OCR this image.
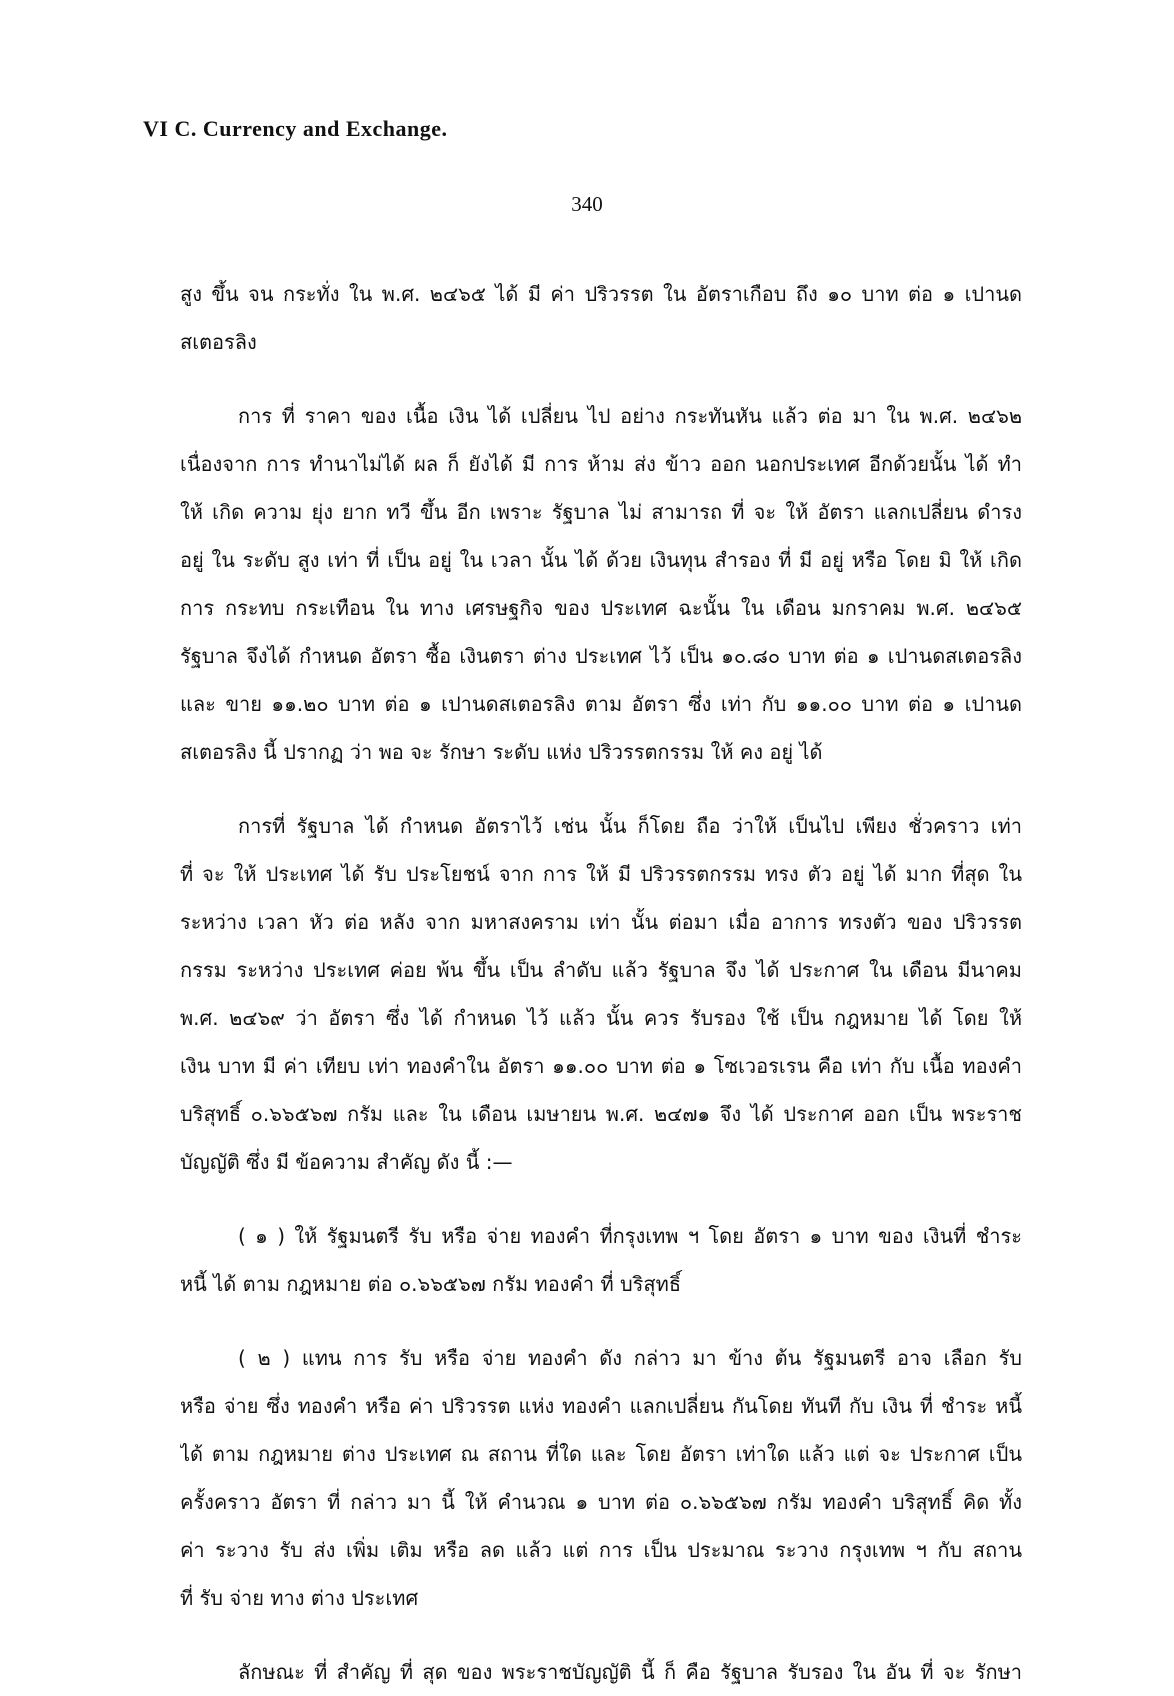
VI C. Currency and Exchange.
340
สูง ขึ้น จน กระทั่ง ใน พ.ศ. ๒๔๖๕ ได้ มี ค่า ปริวรรต ใน อัตราเกือบ ถึง ๑๐ บาท ต่อ ๑ เปานด
สเตอรลิง
การ ที่ ราคา ของ เนื้อ เงิน ได้ เปลี่ยน ไป อย่าง กระทันหัน แล้ว ต่อ มา ใน พ.ศ. ๒๔๖๒
เนื่องจาก การ ทำนาไม่ได้ ผล ก็ ยังได้ มี การ ห้าม ส่ง ข้าว ออก นอกประเทศ อีกด้วยนั้น ได้ ทำ
ให้ เกิด ความ ยุ่ง ยาก ทวี ขึ้น อีก เพราะ รัฐบาล ไม่ สามารถ ที่ จะ ให้ อัตรา แลกเปลี่ยน ดำรง
อยู่ ใน ระดับ สูง เท่า ที่ เป็น อยู่ ใน เวลา นั้น ได้ ด้วย เงินทุน สำรอง ที่ มี อยู่ หรือ โดย มิ ให้ เกิด
การ กระทบ กระเทือน ใน ทาง เศรษฐกิจ ของ ประเทศ ฉะนั้น ใน เดือน มกราคม พ.ศ. ๒๔๖๕
รัฐบาล จึงได้ กำหนด อัตรา ซื้อ เงินตรา ต่าง ประเทศ ไว้ เป็น ๑๐.๘๐ บาท ต่อ ๑ เปานดสเตอรลิง
และ ขาย ๑๑.๒๐ บาท ต่อ ๑ เปานดสเตอรลิง ตาม อัตรา ซึ่ง เท่า กับ ๑๑.๐๐ บาท ต่อ ๑ เปานด
สเตอรลิง นี้ ปรากฏ ว่า พอ จะ รักษา ระดับ แห่ง ปริวรรตกรรม ให้ คง อยู่ ได้
การที่ รัฐบาล ได้ กำหนด อัตราไว้ เช่น นั้น ก็โดย ถือ ว่าให้ เป็นไป เพียง ชั่วคราว เท่า
ที่ จะ ให้ ประเทศ ได้ รับ ประโยชน์ จาก การ ให้ มี ปริวรรตกรรม ทรง ตัว อยู่ ได้ มาก ที่สุด ใน
ระหว่าง เวลา หัว ต่อ หลัง จาก มหาสงคราม เท่า นั้น ต่อมา เมื่อ อาการ ทรงตัว ของ ปริวรรต
กรรม ระหว่าง ประเทศ ค่อย พ้น ขึ้น เป็น ลำดับ แล้ว รัฐบาล จึง ได้ ประกาศ ใน เดือน มีนาคม
พ.ศ. ๒๔๖๙ ว่า อัตรา ซึ่ง ได้ กำหนด ไว้ แล้ว นั้น ควร รับรอง ใช้ เป็น กฎหมาย ได้ โดย ให้
เงิน บาท มี ค่า เทียบ เท่า ทองคำใน อัตรา ๑๑.๐๐ บาท ต่อ ๑ โซเวอรเรน คือ เท่า กับ เนื้อ ทองคำ
บริสุทธิ์ ๐.๖๖๕๖๗ กรัม และ ใน เดือน เมษายน พ.ศ. ๒๔๗๑ จึง ได้ ประกาศ ออก เป็น พระราช
บัญญัติ ซึ่ง มี ข้อความ สำคัญ ดัง นี้ :—
( ๑ ) ให้ รัฐมนตรี รับ หรือ จ่าย ทองคำ ที่กรุงเทพ ฯ โดย อัตรา ๑ บาท ของ เงินที่ ชำระ
หนี้ ได้ ตาม กฎหมาย ต่อ ๐.๖๖๕๖๗ กรัม ทองคำ ที่ บริสุทธิ์
( ๒ ) แทน การ รับ หรือ จ่าย ทองคำ ดัง กล่าว มา ข้าง ต้น รัฐมนตรี อาจ เลือก รับ
หรือ จ่าย ซึ่ง ทองคำ หรือ ค่า ปริวรรต แห่ง ทองคำ แลกเปลี่ยน กันโดย ทันที กับ เงิน ที่ ชำระ หนี้
ได้ ตาม กฎหมาย ต่าง ประเทศ ณ สถาน ที่ใด และ โดย อัตรา เท่าใด แล้ว แต่ จะ ประกาศ เป็น
ครั้งคราว อัตรา ที่ กล่าว มา นี้ ให้ คำนวณ ๑ บาท ต่อ ๐.๖๖๕๖๗ กรัม ทองคำ บริสุทธิ์ คิด ทั้ง
ค่า ระวาง รับ ส่ง เพิ่ม เติม หรือ ลด แล้ว แต่ การ เป็น ประมาณ ระวาง กรุงเทพ ฯ กับ สถาน
ที่ รับ จ่าย ทาง ต่าง ประเทศ
ลักษณะ ที่ สำคัญ ที่ สุด ของ พระราชบัญญัติ นี้ ก็ คือ รัฐบาล รับรอง ใน อัน ที่ จะ รักษา
